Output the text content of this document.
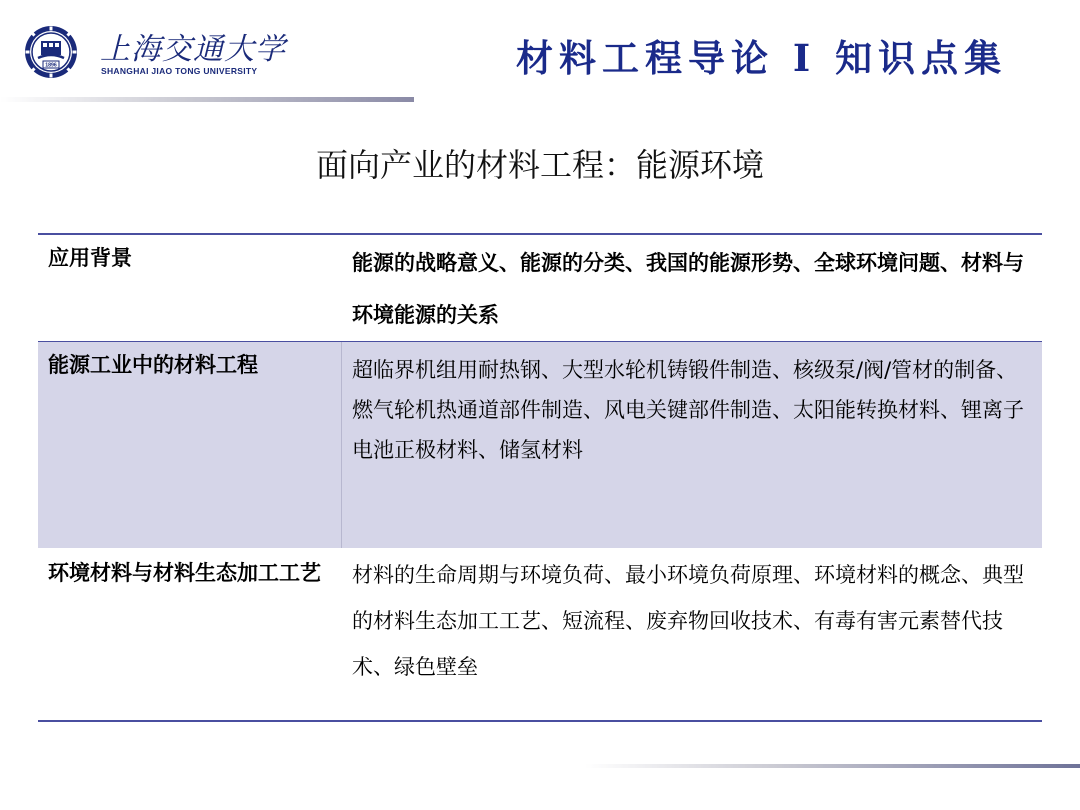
1896 上海交通大学
SHANGHAI JIAO TONG UNIVERSITY	材料工程导论 I 知识点集
面向产业的材料工程：能源环境
应用背景	能源的战略意义、能源的分类、我国的能源形势、全球环境问题、材料与环境能源的关系
能源工业中的材料工程	超临界机组用耐热钢、大型水轮机铸锻件制造、核级泵/阀/管材的制备、燃气轮机热通道部件制造、风电关键部件制造、太阳能转换材料、锂离子电池正极材料、储氢材料
环境材料与材料生态加工工艺	材料的生命周期与环境负荷、最小环境负荷原理、环境材料的概念、典型的材料生态加工工艺、短流程、废弃物回收技术、有毒有害元素替代技术、绿色壁垒
